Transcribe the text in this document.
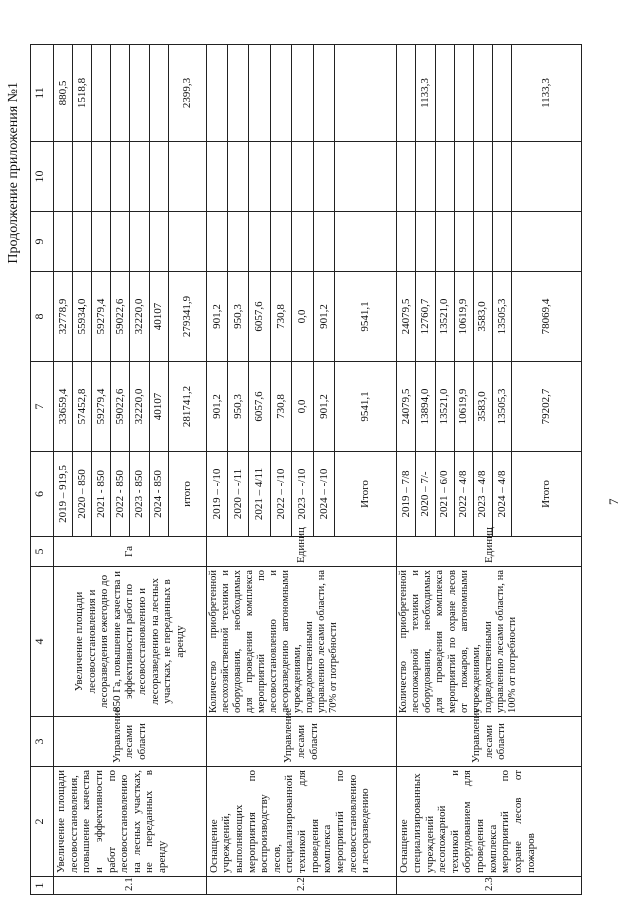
Продолжение приложения №1
7
1	2	3	4	5	6	7	8	9	10	11
2.1	Увеличение площади лесовосстановления, повышение качества и эффективности работ по лесовосстановлению на лесных участках, не переданных в аренду	Управление лесами области	Увеличение площади лесовосстановления и лесоразведения ежегодно до 850 Га, повышение качества и эффективности работ по лесовосстановлению и лесоразведению на лесных участках, не переданных в аренду	Га	2019 – 919,5	33659,4	32778,9			880,5
					2020 – 850	57452,8	55934,0			1518,8
					2021 - 850	59279,4	59279,4			
					2022 - 850	59022,6	59022,6			
					2023 - 850	32220,0	32220,0			
					2024 - 850	40107	40107			
					итого	281741,2	279341,9			2399,3
2.2	Оснащение учреждений, выполняющих мероприятия по воспроизводству лесов, специализированной техникой для проведения комплекса мероприятий по лесовосстановлению и лесоразведению	Управление лесами области	Количество приобретенной лесохозяйственной техники и оборудования, необходимых для проведения комплекса мероприятий по лесовосстановлению и лесоразведению автономными учреждениями, подведомственными управлению лесами области, на 70% от потребности	Единиц	2019 – -/10	901,2	901,2			
					2020 – -/11	950,3	950,3			
					2021 – 4/11	6057,6	6057,6			
					2022 – -/10	730,8	730,8			
					2023 – -/10	0,0	0,0			
					2024 – -/10	901,2	901,2			
					Итого	9541,1	9541,1			
2.3	Оснащение специализированных учреждений лесопожарной техникой и оборудованием для проведения комплекса мероприятий по охране лесов от пожаров	Управление лесами области	Количество приобретенной лесопожарной техники и оборудования, необходимых для проведения комплекса мероприятий по охране лесов от пожаров, автономными учреждениями, подведомственными управлению лесами области, на 100% от потребности	Единиц	2019 – 7/8	24079,5	24079,5			
					2020 – 7/-	13894,0	12760,7			1133,3
					2021 – 6/0	13521,0	13521,0			
					2022 – 4/8	10619,9	10619,9			
					2023 – 4/8	3583,0	3583,0			
					2024 – 4/8	13505,3	13505,3			
					Итого	79202,7	78069,4			1133,3
